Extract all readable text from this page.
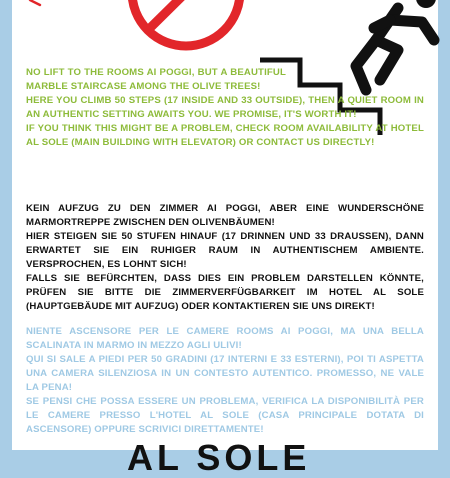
NO LIFT TO THE ROOMS AI POGGI, BUT A BEAUTIFUL MARBLE STAIRCASE AMONG THE OLIVE TREES!

HERE YOU CLIMB 50 STEPS (17 INSIDE AND 33 OUTSIDE), THEN A QUIET ROOM IN AN AUTHENTIC SETTING AWAITS YOU. WE PROMISE, IT'S WORTH IT!

IF YOU THINK THIS MIGHT BE A PROBLEM, CHECK ROOM AVAILABILITY AT HOTEL AL SOLE (MAIN BUILDING WITH ELEVATOR) OR CONTACT US DIRECTLY!

KEIN AUFZUG ZU DEN ZIMMER AI POGGI, ABER EINE WUNDERSCHÖNE MARMORTREPPE ZWISCHEN DEN OLIVENBÄUMEN!

HIER STEIGEN SIE 50 STUFEN HINAUF (17 DRINNEN UND 33 DRAUSSEN), DANN ERWARTET SIE EIN RUHIGER RAUM IN AUTHENTISCHEM AMBIENTE. VERSPROCHEN, ES LOHNT SICH!

FALLS SIE BEFÜRCHTEN, DASS DIES EIN PROBLEM DARSTELLEN KÖNNTE, PRÜFEN SIE BITTE DIE ZIMMERVERFÜGBARKEIT IM HOTEL AL SOLE (HAUPTGEBÄUDE MIT AUFZUG) ODER KONTAKTIEREN SIE UNS DIREKT!

NIENTE ASCENSORE PER LE CAMERE ROOMS AI POGGI, MA UNA BELLA SCALINATA IN MARMO IN MEZZO AGLI ULIVI!

QUI SI SALE A PIEDI PER 50 GRADINI (17 INTERNI E 33 ESTERNI), POI TI ASPETTA UNA CAMERA SILENZIOSA IN UN CONTESTO AUTENTICO. PROMESSO, NE VALE LA PENA!

SE PENSI CHE POSSA ESSERE UN PROBLEMA, VERIFICA LA DISPONIBILITÀ PER LE CAMERE PRESSO L'HOTEL AL SOLE (CASA PRINCIPALE DOTATA DI ASCENSORE) OPPURE SCRIVICI DIRETTAMENTE!

AL SOLE
